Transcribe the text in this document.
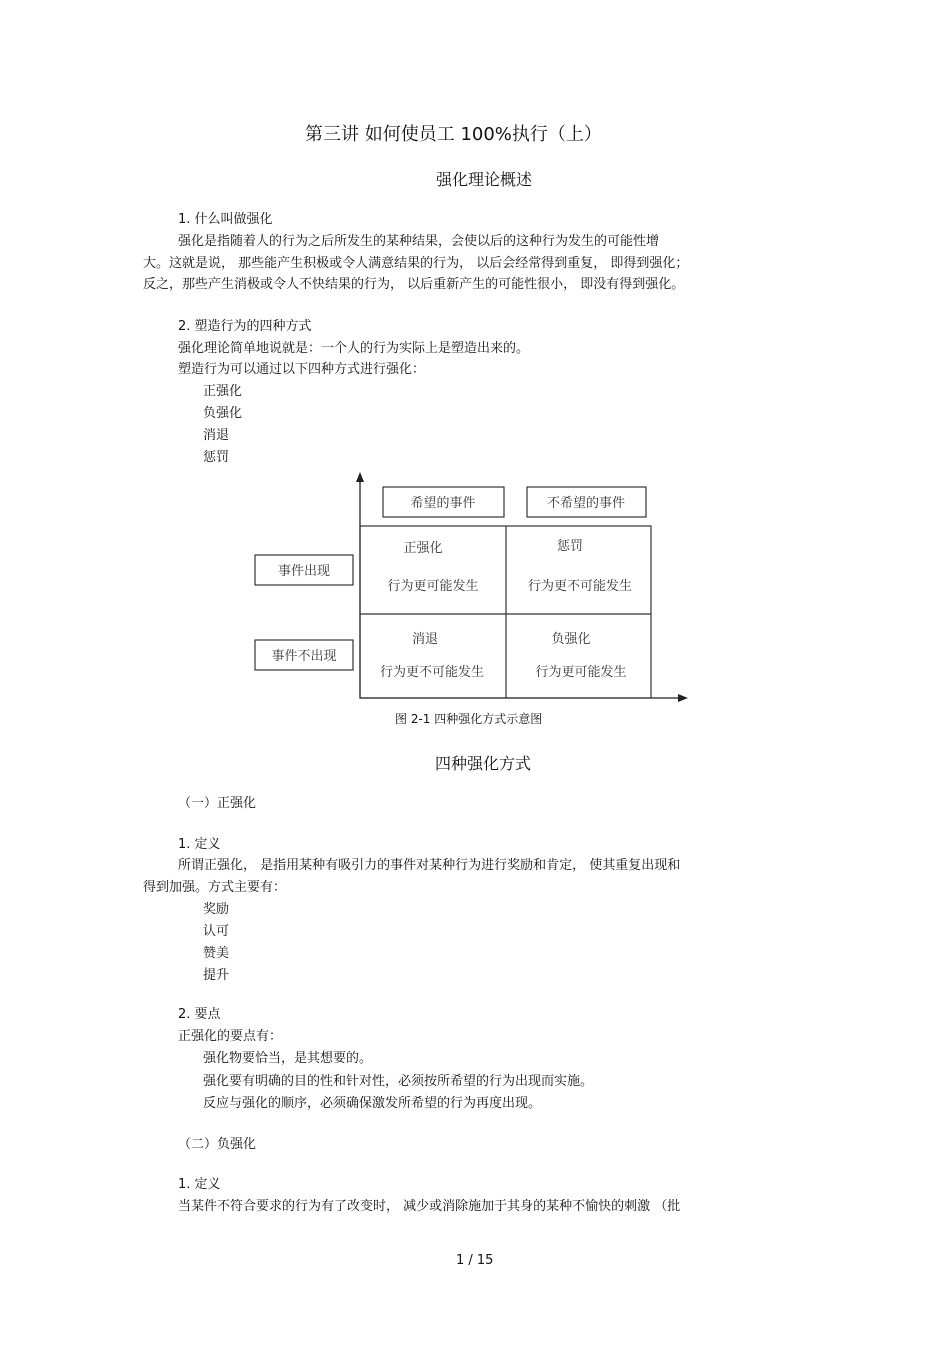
第三讲 如何使员工 100%执行（上）
强化理论概述
1. 什么叫做强化
强化是指随着人的行为之后所发生的某种结果，会使以后的这种行为发生的可能性增
大。这就是说， 那些能产生积极或令人满意结果的行为， 以后会经常得到重复， 即得到强化；
反之，那些产生消极或令人不快结果的行为， 以后重新产生的可能性很小， 即没有得到强化。
2. 塑造行为的四种方式
强化理论简单地说就是：一个人的行为实际上是塑造出来的。
塑造行为可以通过以下四种方式进行强化：
正强化
负强化
消退
惩罚
希望的事件	不希望的事件
事件出现
事件不出现
正强化
行为更可能发生
惩罚
行为更不可能发生
消退
行为更不可能发生
负强化
行为更可能发生
图 2-1 四种强化方式示意图
四种强化方式
（一）正强化
1. 定义
所谓正强化， 是指用某种有吸引力的事件对某种行为进行奖励和肯定， 使其重复出现和
得到加强。方式主要有：
奖励
认可
赞美
提升
2. 要点
正强化的要点有：
强化物要恰当，是其想要的。
强化要有明确的目的性和针对性，必须按所希望的行为出现而实施。
反应与强化的顺序，必须确保激发所希望的行为再度出现。
（二）负强化
1. 定义
当某件不符合要求的行为有了改变时， 减少或消除施加于其身的某种不愉快的刺激 （批
1 / 15
